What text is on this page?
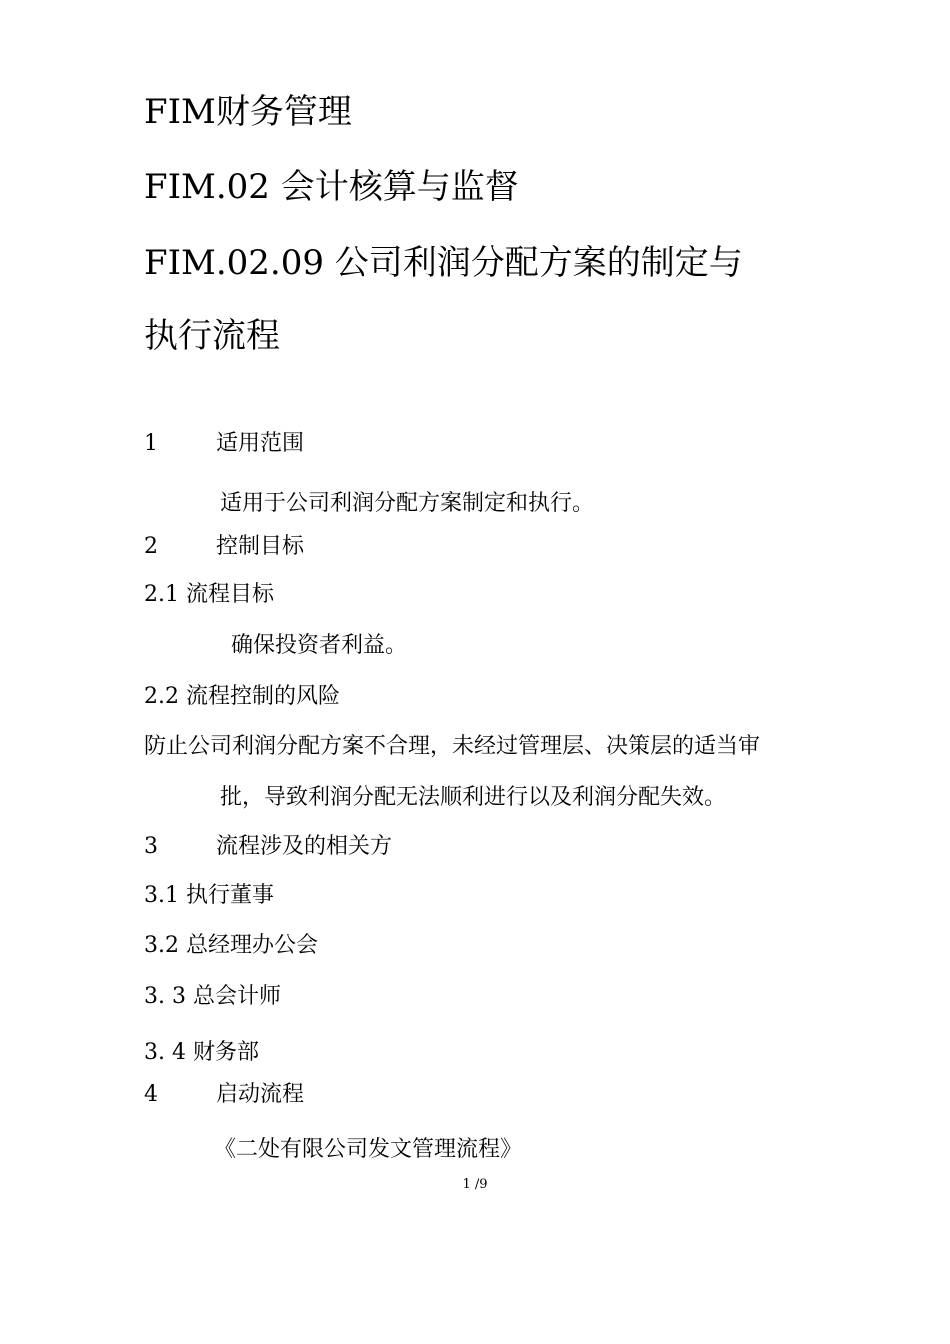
FIM财务管理
FIM.02 会计核算与监督
FIM.02.09 公司利润分配方案的制定与
执行流程
1	适用范围
适用于公司利润分配方案制定和执行。
2	控制目标
2.1 流程目标
确保投资者利益。
2.2 流程控制的风险
防止公司利润分配方案不合理，未经过管理层、决策层的适当审
批，导致利润分配无法顺利进行以及利润分配失效。
3	流程涉及的相关方
3.1 执行董事
3.2 总经理办公会
3. 3 总会计师
3. 4 财务部
4	启动流程
《二处有限公司发文管理流程》
1 /9
